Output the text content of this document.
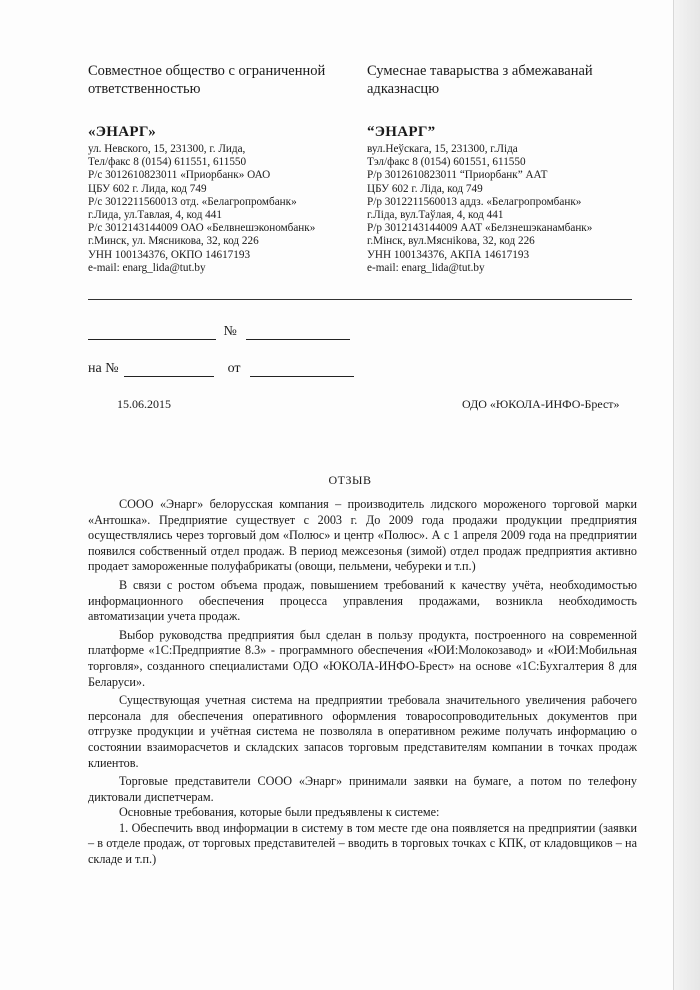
Совместное общество с ограниченной ответственностью
«ЭНАРГ»
ул. Невского, 15, 231300, г. Лида,
Тел/факс 8 (0154) 611551, 611550
Р/с 3012610823011 «Приорбанк» ОАО
ЦБУ 602 г. Лида, код 749
Р/с 3012211560013 отд. «Белагропромбанк»
г.Лида, ул.Тавлая, 4, код 441
Р/с 3012143144009 ОАО «Белвнешэкономбанк»
г.Минск, ул. Мясникова, 32, код 226
УНН 100134376, ОКПО 14617193
e-mail: enarg_lida@tut.by
Сумеснае таварыства з абмежаванай адказнасцю
“ЭНАРГ”
вул.Неўскага, 15, 231300, г.Ліда
Тэл/факс 8 (0154) 601551, 611550
Р/р 3012610823011 “Приорбанк” ААТ
ЦБУ 602 г. Ліда, код 749
Р/р 3012211560013 аддз. «Белагропромбанк»
г.Ліда, вул.Таўлая, 4, код 441
Р/р 3012143144009 ААТ «Белзнешэканамбанк»
г.Мінск, вул.Мясніkова, 32, код 226
УНН 100134376, АКПА 14617193
e-mail: enarg_lida@tut.by
№
на №	от
15.06.2015	ОДО «ЮКОЛА-ИНФО-Брест»
ОТЗЫВ

СООО «Энарг» белорусская компания – производитель лидского мороженого торговой марки «Антошка». Предприятие существует с 2003 г. До 2009 года продажи продукции предприятия осуществлялись через торговый дом «Полюс» и центр «Полюс». А с 1 апреля 2009 года на предприятии появился собственный отдел продаж. В период межсезонья (зимой) отдел продаж предприятия активно продает замороженные полуфабрикаты (овощи, пельмени, чебуреки и т.п.)

В связи с ростом объема продаж, повышением требований к качеству учёта, необходимостью информационного обеспечения процесса управления продажами, возникла необходимость автоматизации учета продаж.

Выбор руководства предприятия был сделан в пользу продукта, построенного на современной платформе «1С:Предприятие 8.3» - программного обеспечения «ЮИ:Молокозавод» и «ЮИ:Мобильная торговля», созданного специалистами ОДО «ЮКОЛА-ИНФО-Брест» на основе «1С:Бухгалтерия 8 для Беларуси».

Существующая учетная система на предприятии требовала значительного увеличения рабочего персонала для обеспечения оперативного оформления товаросопроводительных документов при отгрузке продукции и учётная система не позволяла в оперативном режиме получать информацию о состоянии взаиморасчетов и складских запасов торговым представителям компании в точках продаж клиентов.

Торговые представители СООО «Энарг» принимали заявки на бумаге, а потом по телефону диктовали диспетчерам.

Основные требования, которые были предъявлены к системе:

1. Обеспечить ввод информации в систему в том месте где она появляется на предприятии (заявки – в отделе продаж, от торговых представителей – вводить в торговых точках с КПК, от кладовщиков – на складе и т.п.)
